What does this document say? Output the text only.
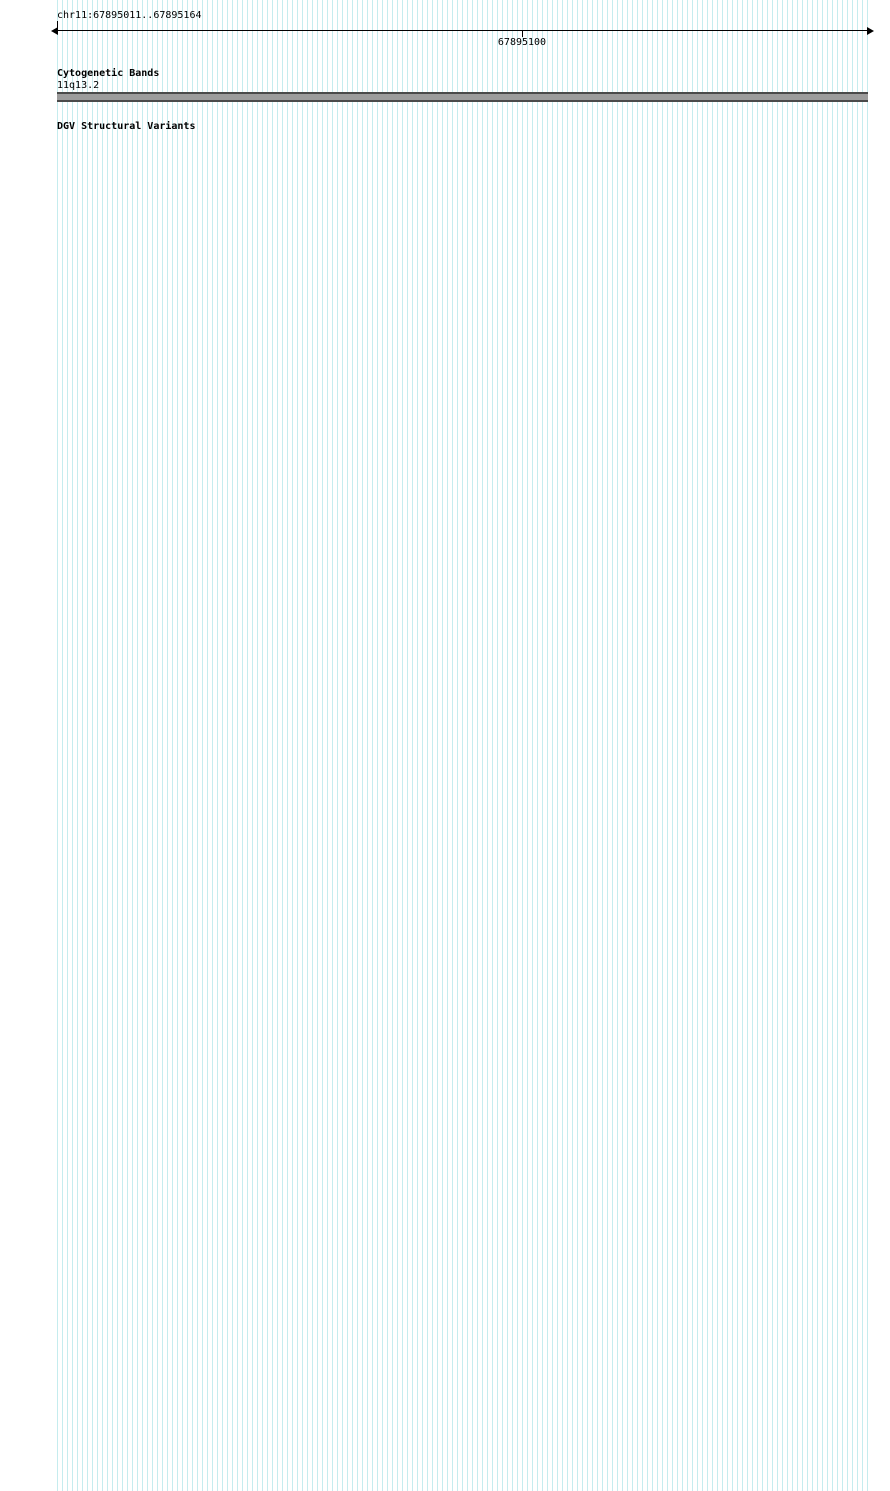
chr11:67895011..67895164
67895100
Cytogenetic Bands
11q13.2
DGV Structural Variants
